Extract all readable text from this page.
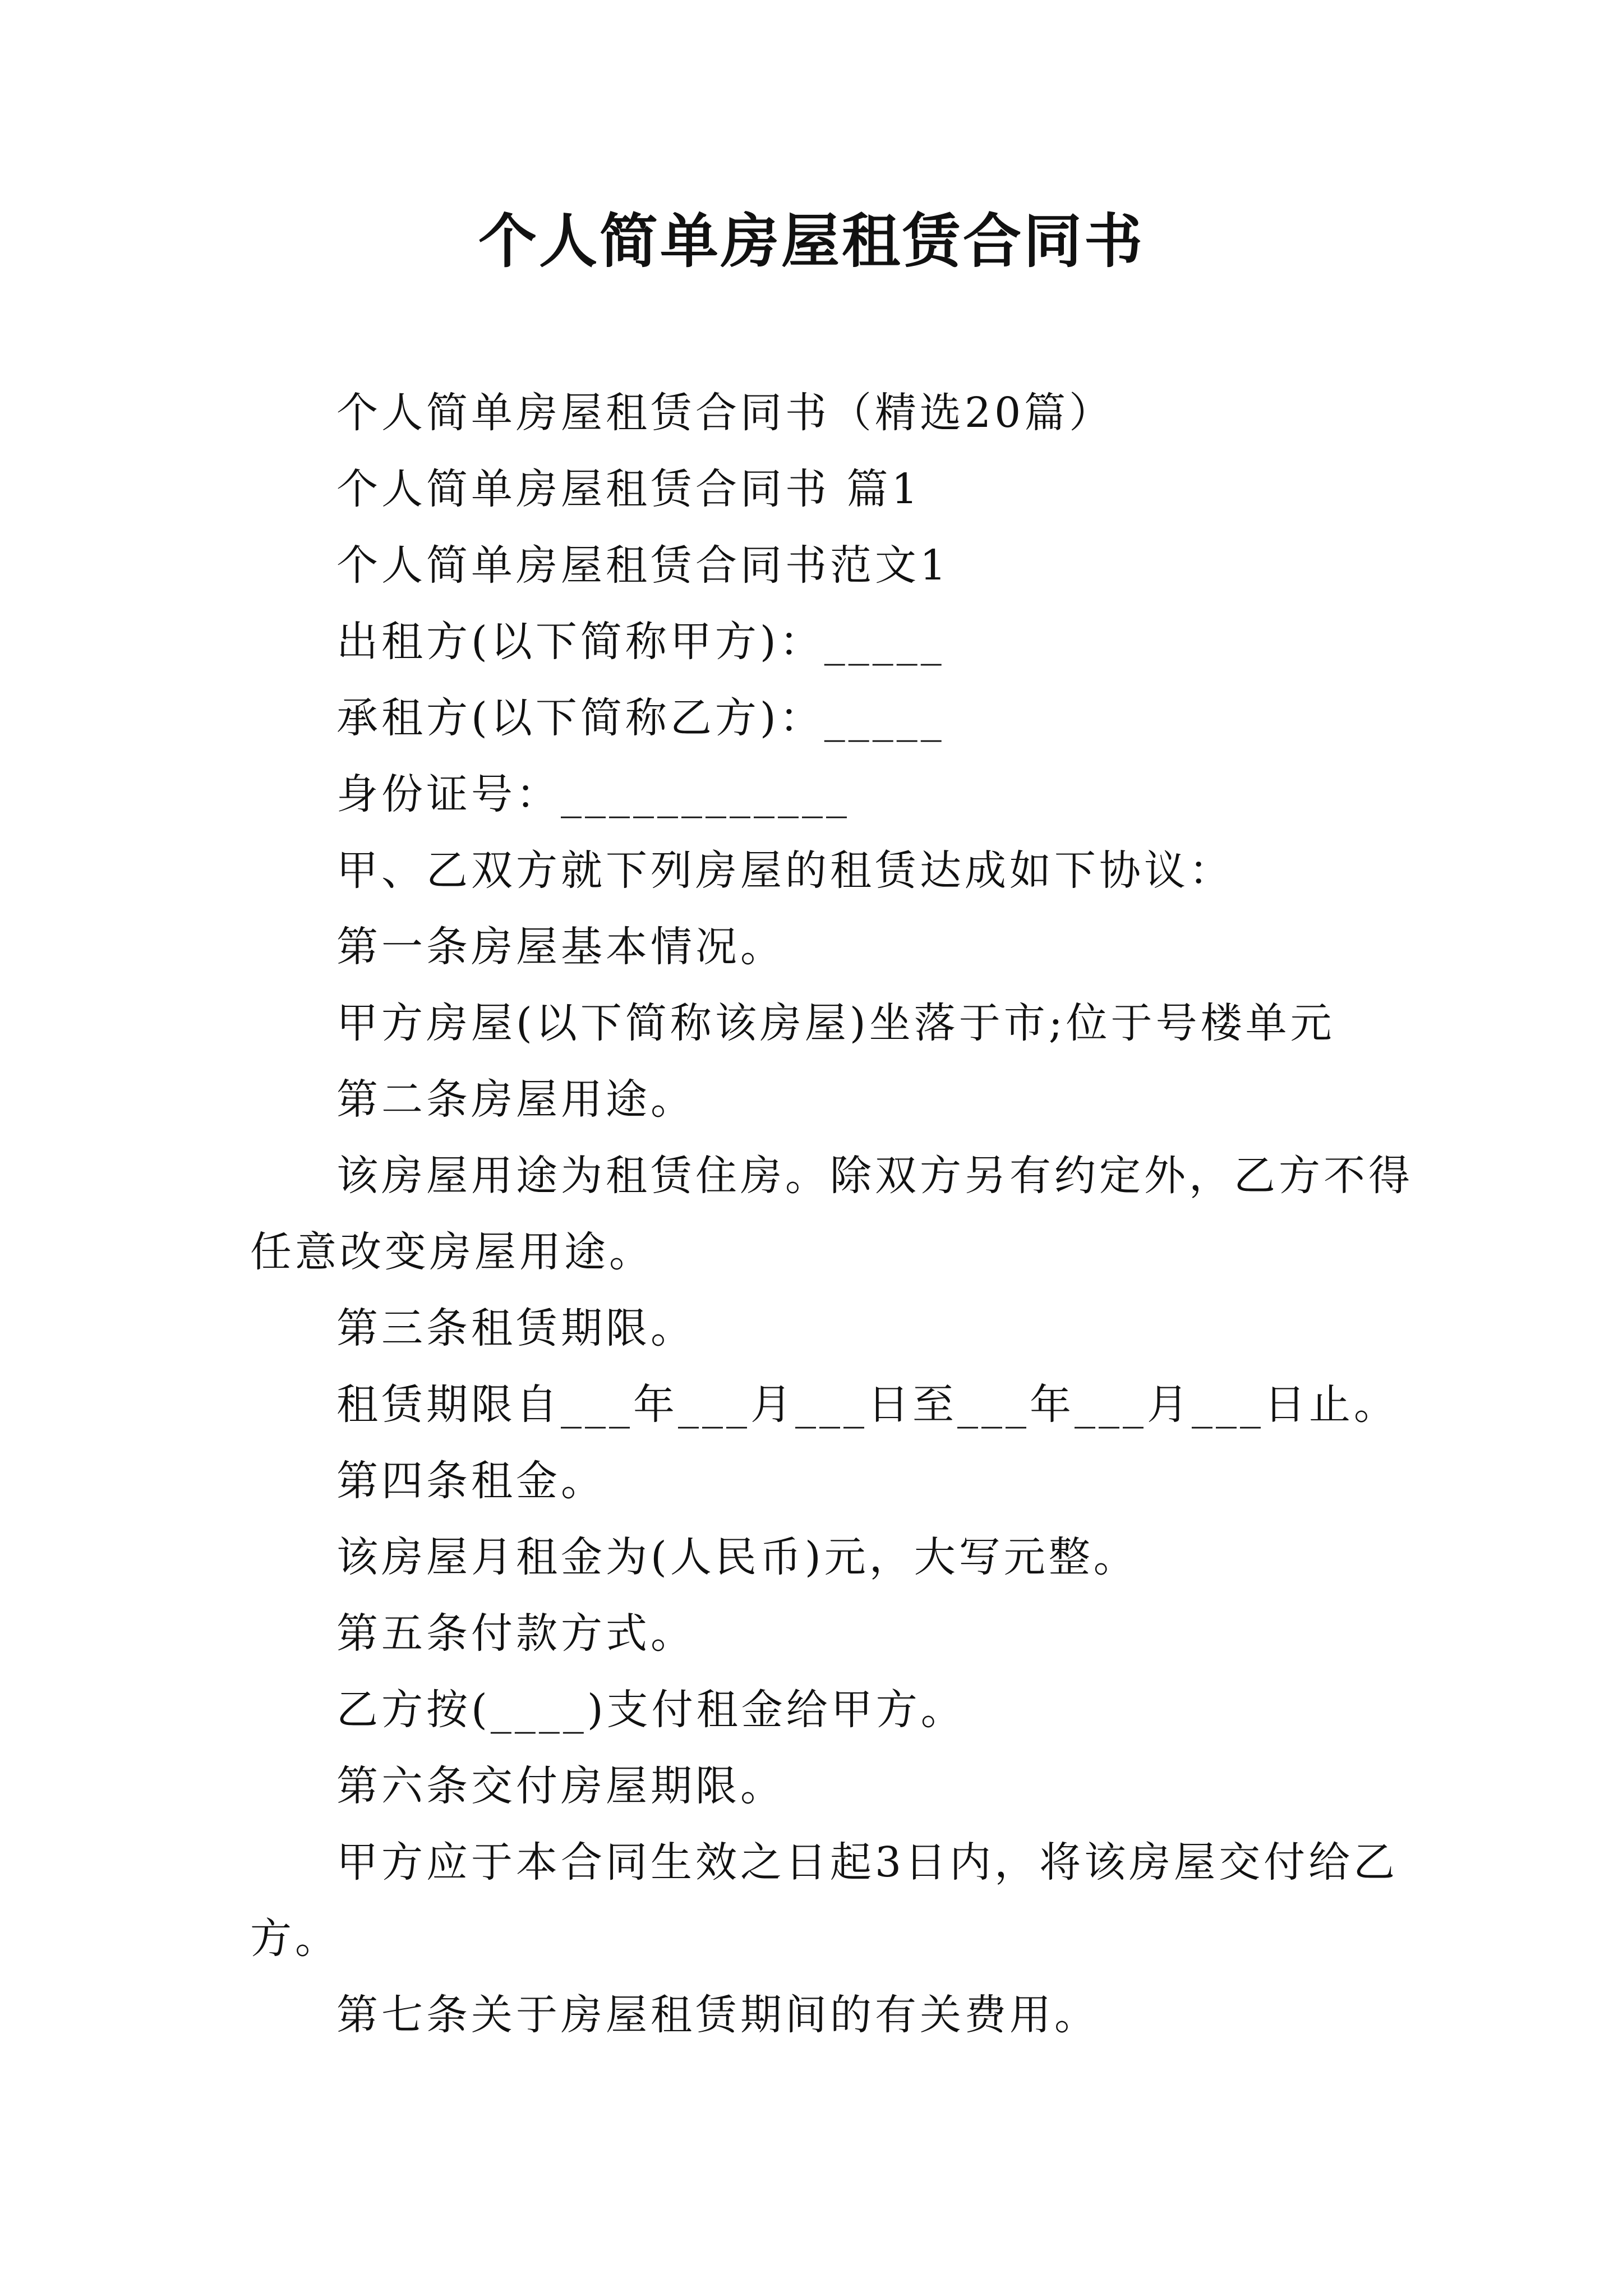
个人简单房屋租赁合同书
个人简单房屋租赁合同书（精选20篇）
个人简单房屋租赁合同书 篇1
个人简单房屋租赁合同书范文1
出租方(以下简称甲方)：_____
承租方(以下简称乙方)：_____
身份证号：____________
甲、乙双方就下列房屋的租赁达成如下协议：
第一条房屋基本情况。
甲方房屋(以下简称该房屋)坐落于市;位于号楼单元
第二条房屋用途。
该房屋用途为租赁住房。除双方另有约定外，乙方不得
任意改变房屋用途。
第三条租赁期限。
租赁期限自___年___月___日至___年___月___日止。
第四条租金。
该房屋月租金为(人民币)元，大写元整。
第五条付款方式。
乙方按(____)支付租金给甲方。
第六条交付房屋期限。
甲方应于本合同生效之日起3日内，将该房屋交付给乙
方。
第七条关于房屋租赁期间的有关费用。
